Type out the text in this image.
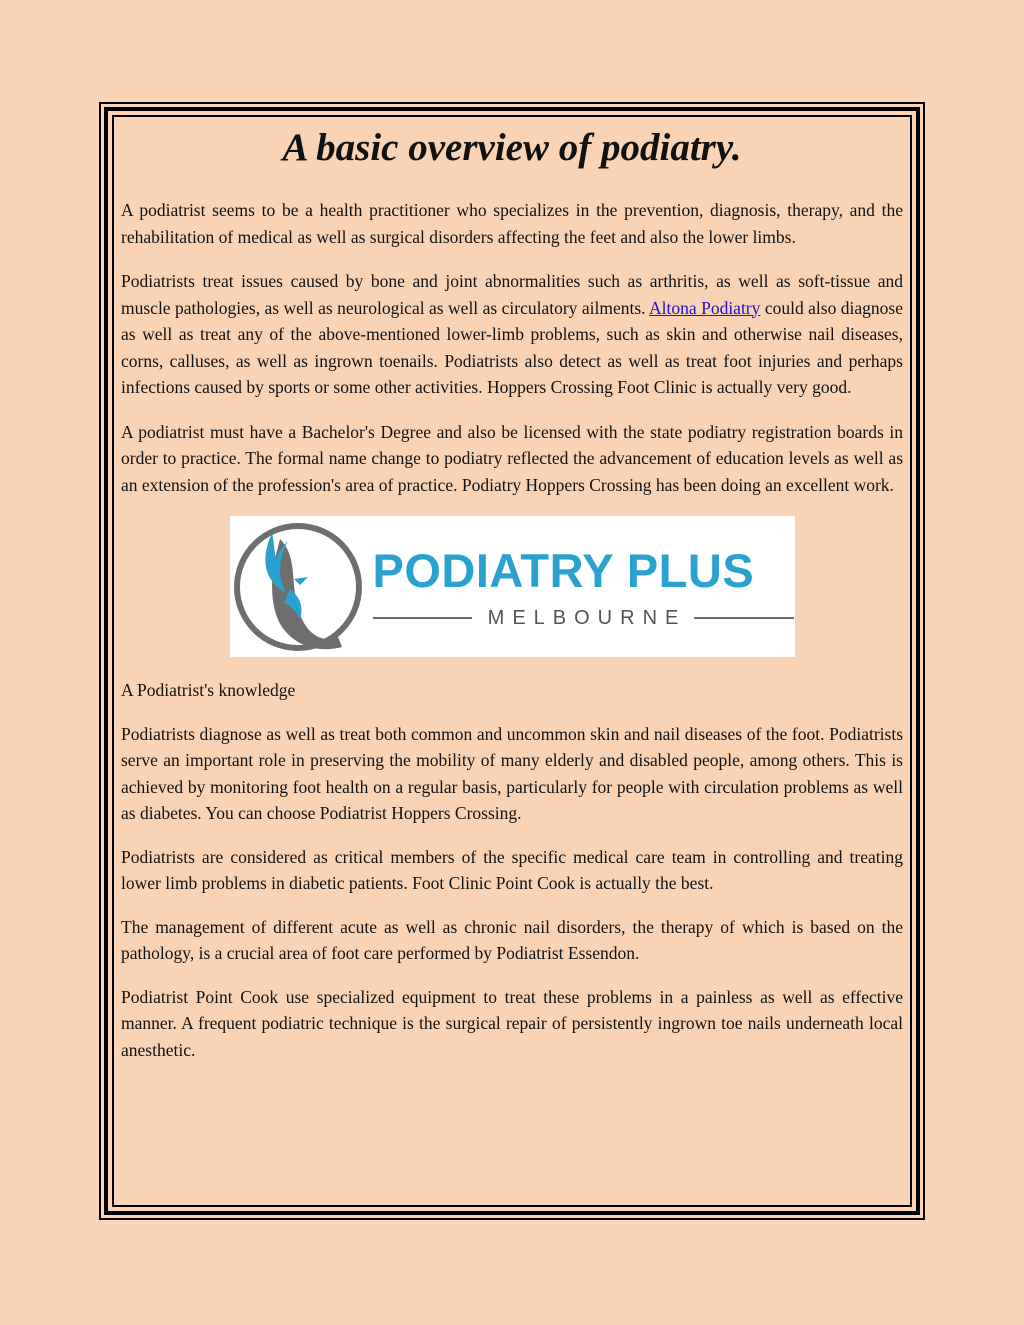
A basic overview of podiatry.

A podiatrist seems to be a health practitioner who specializes in the prevention, diagnosis, therapy, and the rehabilitation of medical as well as surgical disorders affecting the feet and also the lower limbs.

Podiatrists treat issues caused by bone and joint abnormalities such as arthritis, as well as soft-tissue and muscle pathologies, as well as neurological as well as circulatory ailments. Altona Podiatry could also diagnose as well as treat any of the above-mentioned lower-limb problems, such as skin and otherwise nail diseases, corns, calluses, as well as ingrown toenails. Podiatrists also detect as well as treat foot injuries and perhaps infections caused by sports or some other activities. Hoppers Crossing Foot Clinic is actually very good.

A podiatrist must have a Bachelor's Degree and also be licensed with the state podiatry registration boards in order to practice. The formal name change to podiatry reflected the advancement of education levels as well as an extension of the profession's area of practice. Podiatry Hoppers Crossing has been doing an excellent work.

PODIATRY PLUS
MELBOURNE

A Podiatrist's knowledge

Podiatrists diagnose as well as treat both common and uncommon skin and nail diseases of the foot. Podiatrists serve an important role in preserving the mobility of many elderly and disabled people, among others. This is achieved by monitoring foot health on a regular basis, particularly for people with circulation problems as well as diabetes. You can choose Podiatrist Hoppers Crossing.

Podiatrists are considered as critical members of the specific medical care team in controlling and treating lower limb problems in diabetic patients. Foot Clinic Point Cook is actually the best.

The management of different acute as well as chronic nail disorders, the therapy of which is based on the pathology, is a crucial area of foot care performed by Podiatrist Essendon.

Podiatrist Point Cook use specialized equipment to treat these problems in a painless as well as effective manner. A frequent podiatric technique is the surgical repair of persistently ingrown toe nails underneath local anesthetic.
